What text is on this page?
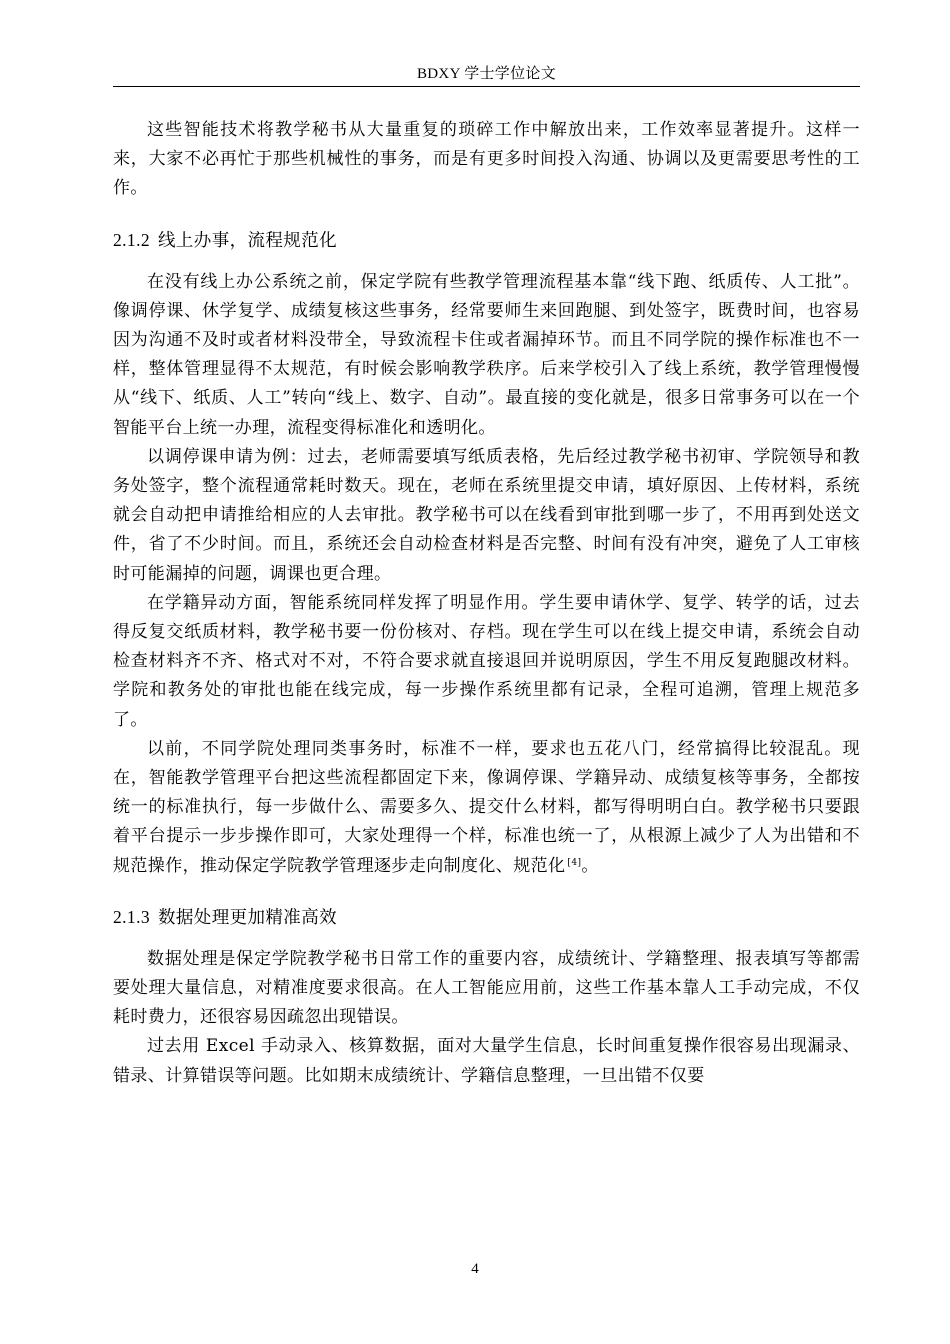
BDXY 学士学位论文

这些智能技术将教学秘书从大量重复的琐碎工作中解放出来，工作效率显著提升。这样一来，大家不必再忙于那些机械性的事务，而是有更多时间投入沟通、协调以及更需要思考性的工作。

2.1.2 线上办事，流程规范化

在没有线上办公系统之前，保定学院有些教学管理流程基本靠“线下跑、纸质传、人工批”。像调停课、休学复学、成绩复核这些事务，经常要师生来回跑腿、到处签字，既费时间，也容易因为沟通不及时或者材料没带全，导致流程卡住或者漏掉环节。而且不同学院的操作标准也不一样，整体管理显得不太规范，有时候会影响教学秩序。后来学校引入了线上系统，教学管理慢慢从“线下、纸质、人工”转向“线上、数字、自动”。最直接的变化就是，很多日常事务可以在一个智能平台上统一办理，流程变得标准化和透明化。

以调停课申请为例：过去，老师需要填写纸质表格，先后经过教学秘书初审、学院领导和教务处签字，整个流程通常耗时数天。现在，老师在系统里提交申请，填好原因、上传材料，系统就会自动把申请推给相应的人去审批。教学秘书可以在线看到审批到哪一步了，不用再到处送文件，省了不少时间。而且，系统还会自动检查材料是否完整、时间有没有冲突，避免了人工审核时可能漏掉的问题，调课也更合理。

在学籍异动方面，智能系统同样发挥了明显作用。学生要申请休学、复学、转学的话，过去得反复交纸质材料，教学秘书要一份份核对、存档。现在学生可以在线上提交申请，系统会自动检查材料齐不齐、格式对不对，不符合要求就直接退回并说明原因，学生不用反复跑腿改材料。学院和教务处的审批也能在线完成，每一步操作系统里都有记录，全程可追溯，管理上规范多了。

以前，不同学院处理同类事务时，标准不一样，要求也五花八门，经常搞得比较混乱。现在，智能教学管理平台把这些流程都固定下来，像调停课、学籍异动、成绩复核等事务，全都按统一的标准执行，每一步做什么、需要多久、提交什么材料，都写得明明白白。教学秘书只要跟着平台提示一步步操作即可，大家处理得一个样，标准也统一了，从根源上减少了人为出错和不规范操作，推动保定学院教学管理逐步走向制度化、规范化 [4]。

2.1.3 数据处理更加精准高效

数据处理是保定学院教学秘书日常工作的重要内容，成绩统计、学籍整理、报表填写等都需要处理大量信息，对精准度要求很高。在人工智能应用前，这些工作基本靠人工手动完成，不仅耗时费力，还很容易因疏忽出现错误。

过去用 Excel 手动录入、核算数据，面对大量学生信息，长时间重复操作很容易出现漏录、错录、计算错误等问题。比如期末成绩统计、学籍信息整理，一旦出错不仅要

4
